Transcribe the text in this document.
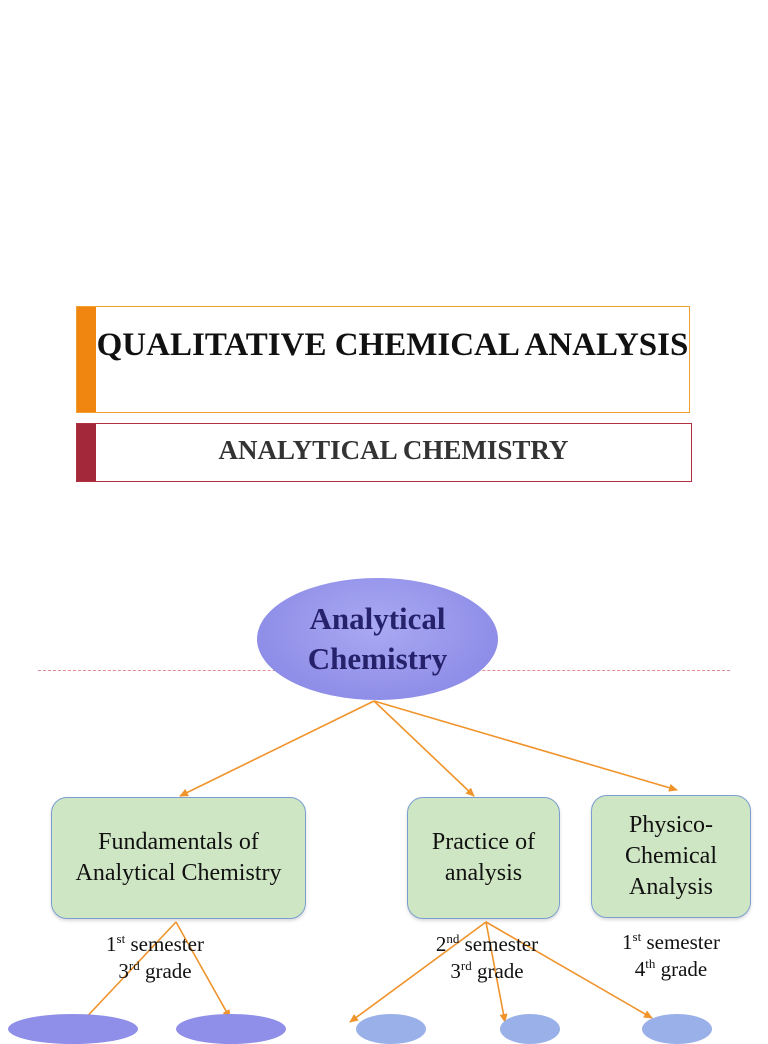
QUALITATIVE CHEMICAL ANALYSIS
ANALYTICAL CHEMISTRY
Analytical
Chemistry
Fundamentals of
Analytical Chemistry
Practice of
analysis
Physico-
Chemical
Analysis
1st semester
3rd grade
2nd semester
3rd grade
1st semester
4th grade
